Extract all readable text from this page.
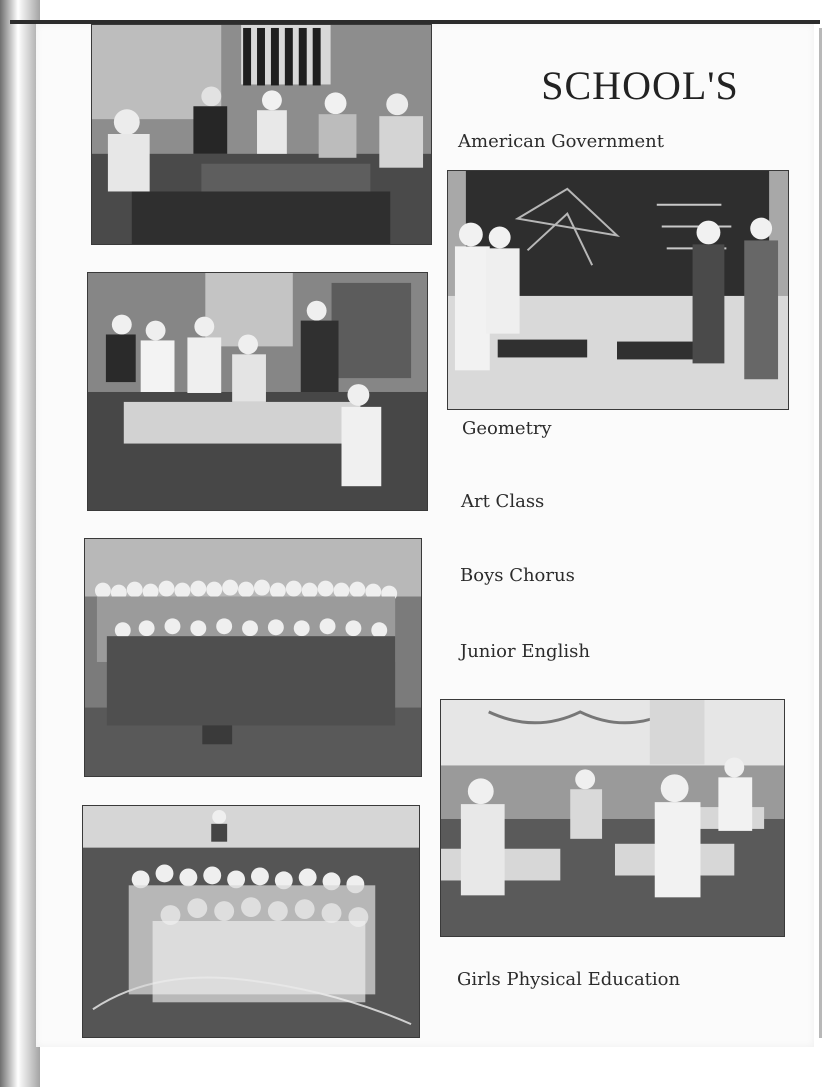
SCHOOL'S
American Government
Geometry
Art Class
Boys Chorus
Junior English
Girls Physical Education
